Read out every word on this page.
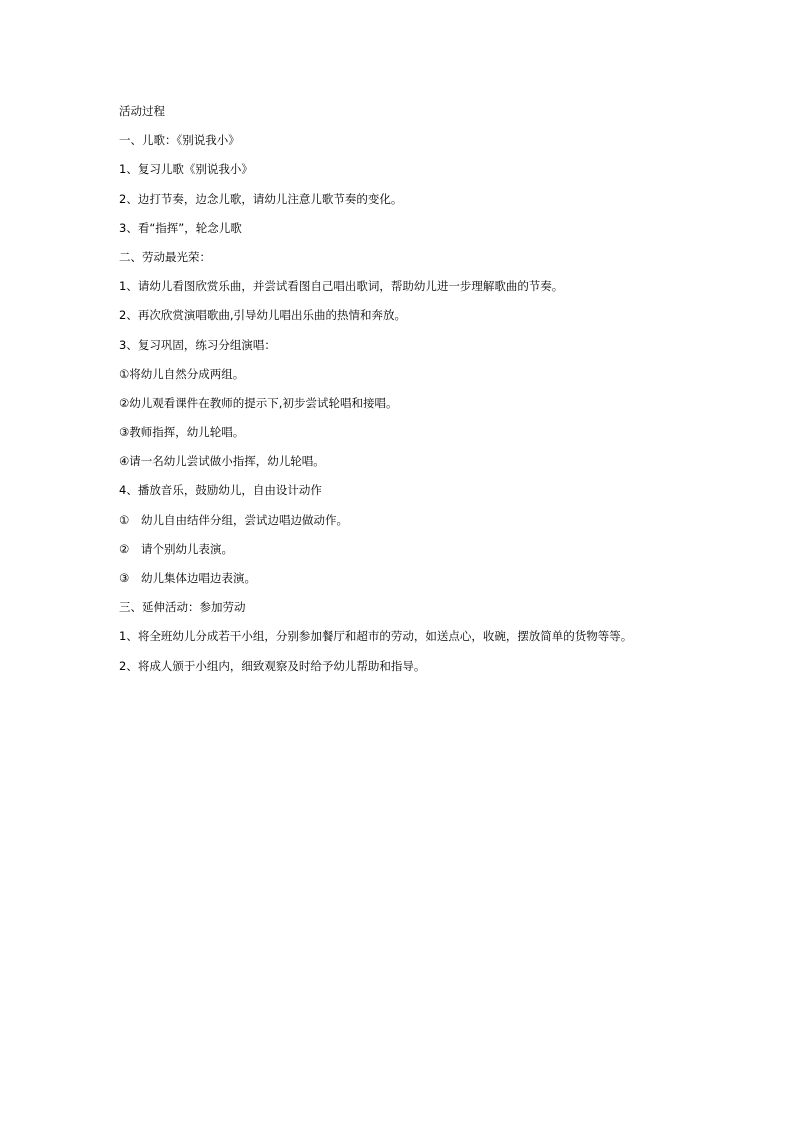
活动过程
一、儿歌：《别说我小》
1、复习儿歌《别说我小》
2、边打节奏，边念儿歌，请幼儿注意儿歌节奏的变化。
3、看“指挥”，轮念儿歌
二、劳动最光荣：
1、请幼儿看图欣赏乐曲，并尝试看图自己唱出歌词，帮助幼儿进一步理解歌曲的节奏。
2、再次欣赏演唱歌曲,引导幼儿唱出乐曲的热情和奔放。
3、复习巩固，练习分组演唱：
①将幼儿自然分成两组。
②幼儿观看课件在教师的提示下,初步尝试轮唱和接唱。
③教师指挥，幼儿轮唱。
④请一名幼儿尝试做小指挥，幼儿轮唱。
4、播放音乐，鼓励幼儿，自由设计动作
① 幼儿自由结伴分组，尝试边唱边做动作。
② 请个别幼儿表演。
③ 幼儿集体边唱边表演。
三、延伸活动：参加劳动
1、将全班幼儿分成若干小组，分别参加餐厅和超市的劳动，如送点心，收碗，摆放简单的货物等等。
2、将成人颁于小组内，细致观察及时给予幼儿帮助和指导。
